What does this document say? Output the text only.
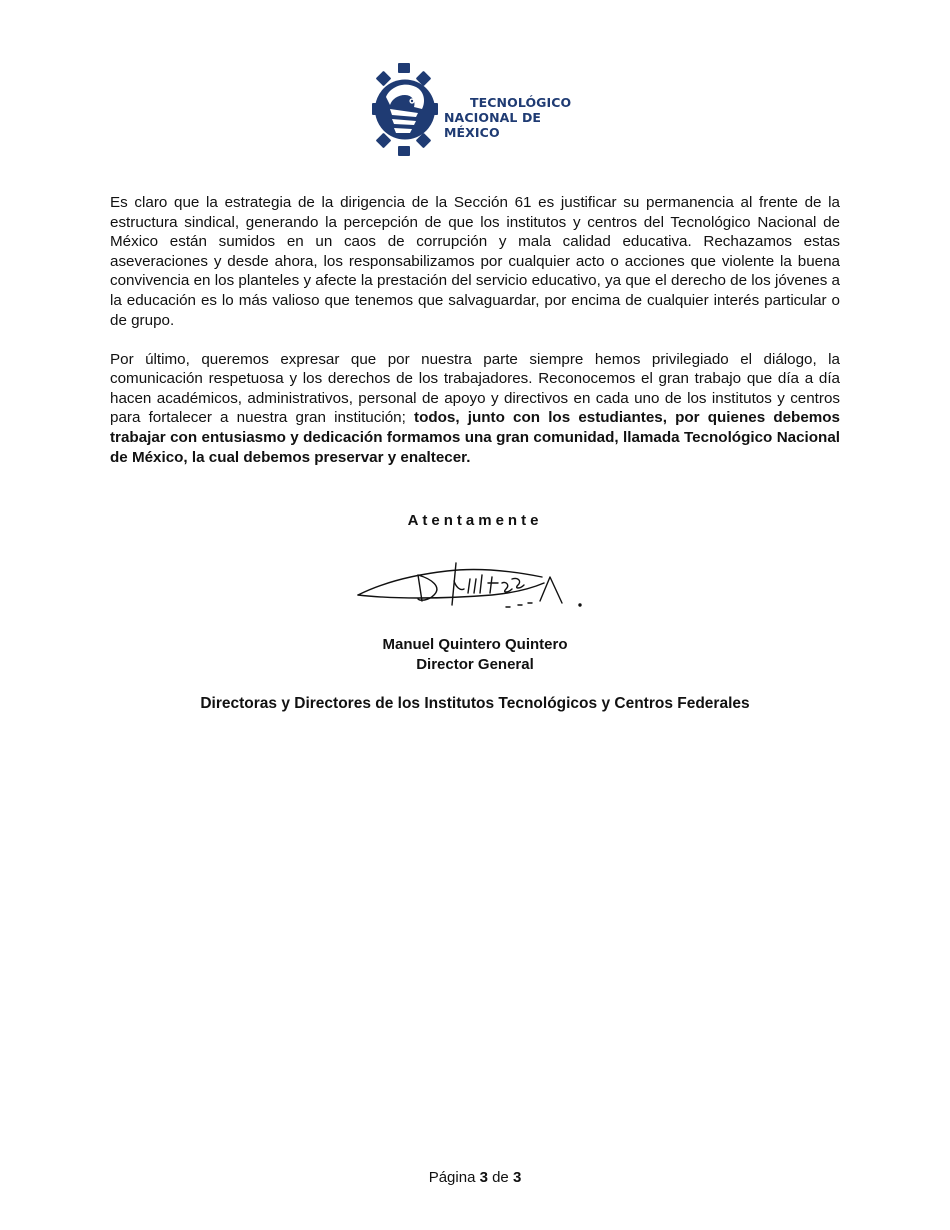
TECNOLÓGICO
NACIONAL DE MÉXICO

Es claro que la estrategia de la dirigencia de la Sección 61 es justificar su permanencia al frente de la estructura sindical, generando la percepción de que los institutos y centros del Tecnológico Nacional de México están sumidos en un caos de corrupción y mala calidad educativa. Rechazamos estas aseveraciones y desde ahora, los responsabilizamos por cualquier acto o acciones que violente la buena convivencia en los planteles y afecte la prestación del servicio educativo, ya que el derecho de los jóvenes a la educación es lo más valioso que tenemos que salvaguardar, por encima de cualquier interés particular o de grupo.

Por último, queremos expresar que por nuestra parte siempre hemos privilegiado el diálogo, la comunicación respetuosa y los derechos de los trabajadores. Reconocemos el gran trabajo que día a día hacen académicos, administrativos, personal de apoyo y directivos en cada uno de los institutos y centros para fortalecer a nuestra gran institución; todos, junto con los estudiantes, por quienes debemos trabajar con entusiasmo y dedicación formamos una gran comunidad, llamada Tecnológico Nacional de México, la cual debemos preservar y enaltecer.

Atentamente
Manuel Quintero Quintero
Director General
Directoras y Directores de los Institutos Tecnológicos y Centros Federales
Página 3 de 3
